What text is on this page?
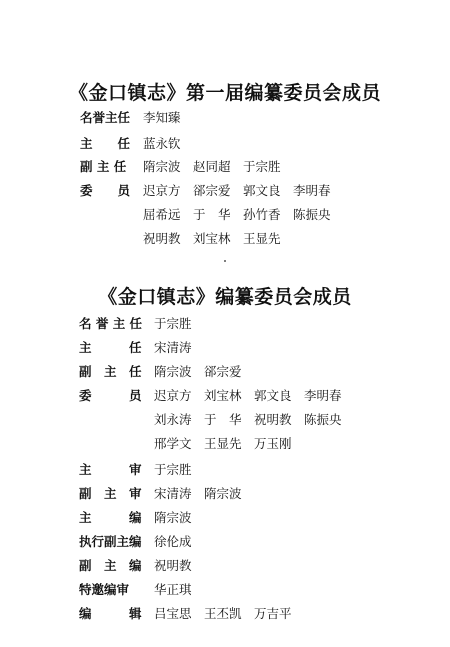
《金口镇志》第一届编纂委员会成员
名誉主任 李知臻
主　　任 蓝永钦
副 主 任 隋宗波　赵同超　于宗胜
委　　员 迟京方　郤宗爱　郭文良　李明春
屈希远　于　华　孙竹香　陈振央
祝明教　刘宝林　王显先
《金口镇志》编纂委员会成员
名 誉 主 任 于宗胜
主　　　任 宋清涛
副　主　任 隋宗波　郤宗爱
委　　　员 迟京方　刘宝林　郭文良　李明春
刘永涛　于　华　祝明教　陈振央
邢学文　王显先　万玉刚
主　　　审 于宗胜
副　主　审 宋清涛　隋宗波
主　　　编 隋宗波
执行副主编 徐伦成
副　主　编 祝明教
特邀编审 华正琪
编　　　辑 吕宝思　王丕凯　万吉平
